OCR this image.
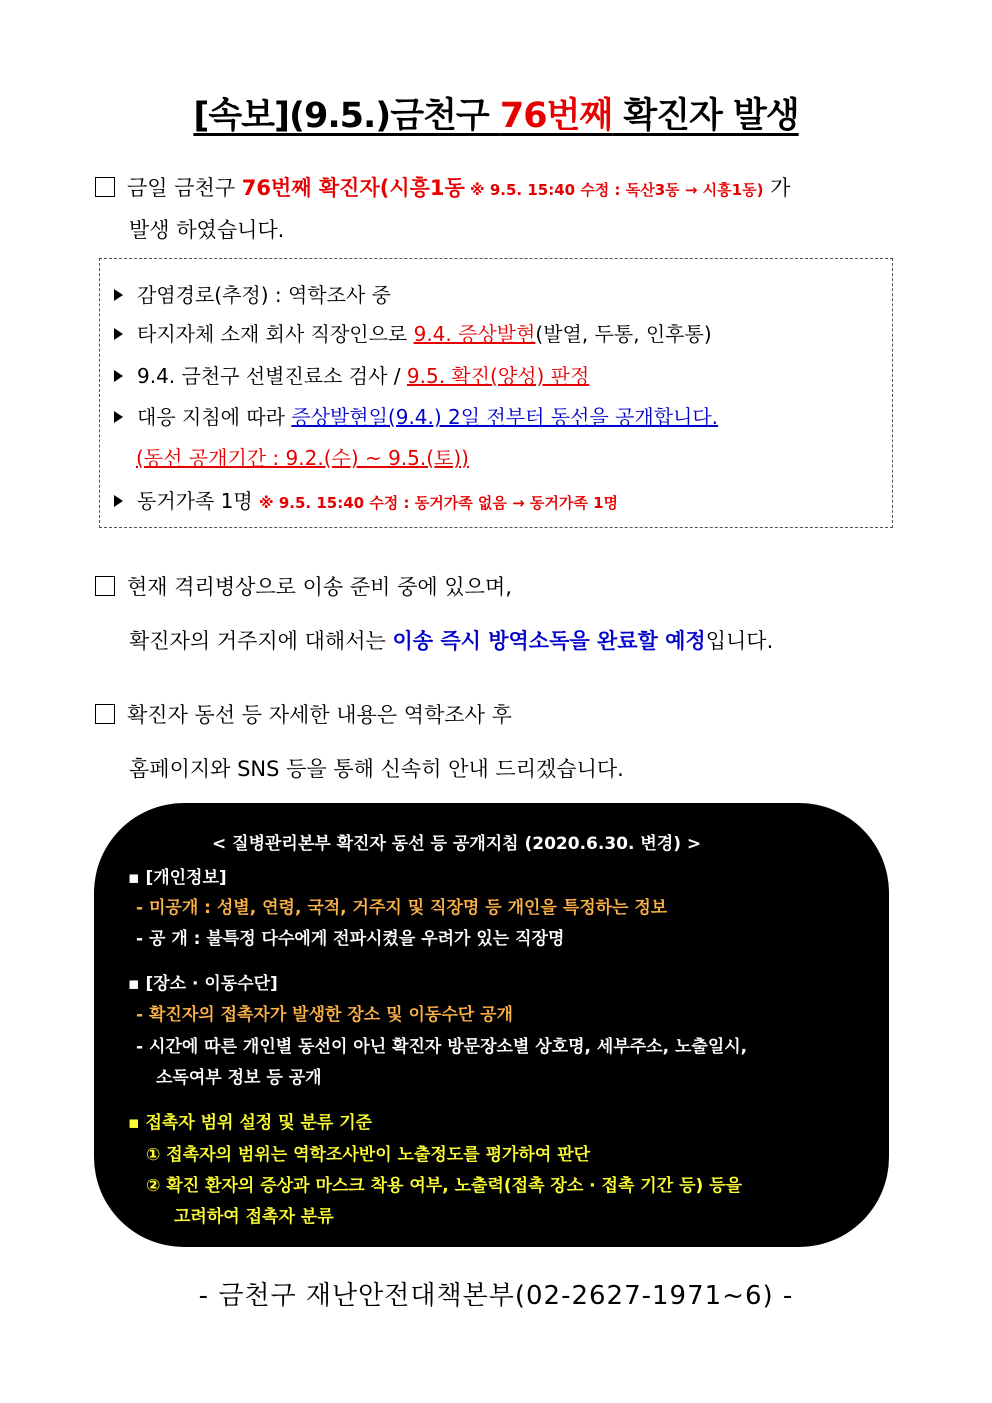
[속보](9.5.)금천구 76번째 확진자 발생
금일 금천구 76번째 확진자(시흥1동 ※ 9.5. 15:40 수정 : 독산3동 → 시흥1동) 가
발생 하였습니다.
감염경로(추정) : 역학조사 중
타지자체 소재 회사 직장인으로 9.4. 증상발현(발열, 두통, 인후통)
9.4. 금천구 선별진료소 검사 / 9.5. 확진(양성) 판정
대응 지침에 따라 증상발현일(9.4.) 2일 전부터 동선을 공개합니다.
(동선 공개기간 : 9.2.(수) ~ 9.5.(토))
동거가족 1명 ※ 9.5. 15:40 수정 : 동거가족 없음 → 동거가족 1명
현재 격리병상으로 이송 준비 중에 있으며,
확진자의 거주지에 대해서는 이송 즉시 방역소독을 완료할 예정입니다.
확진자 동선 등 자세한 내용은 역학조사 후
홈페이지와 SNS 등을 통해 신속히 안내 드리겠습니다.
< 질병관리본부 확진자 동선 등 공개지침 (2020.6.30. 변경) >
▪ [개인정보]
- 미공개 : 성별, 연령, 국적, 거주지 및 직장명 등 개인을 특정하는 정보
- 공 개 : 불특정 다수에게 전파시켰을 우려가 있는 직장명
▪ [장소 · 이동수단]
- 확진자의 접촉자가 발생한 장소 및 이동수단 공개
- 시간에 따른 개인별 동선이 아닌 확진자 방문장소별 상호명, 세부주소, 노출일시,
소독여부 정보 등 공개
▪ 접촉자 범위 설정 및 분류 기준
① 접촉자의 범위는 역학조사반이 노출정도를 평가하여 판단
② 확진 환자의 증상과 마스크 착용 여부, 노출력(접촉 장소 · 접촉 기간 등) 등을
고려하여 접촉자 분류
- 금천구 재난안전대책본부(02-2627-1971~6) -
